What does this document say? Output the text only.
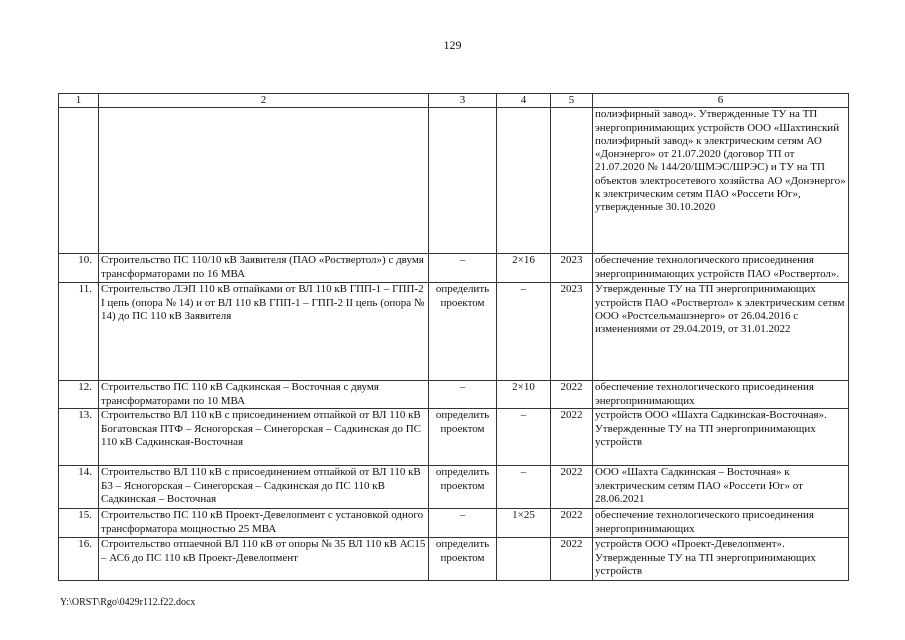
129
1	2	3	4	5	6
					полиэфирный завод». Утвержденные ТУ на ТП энергопринимающих устройств ООО «Шахтинский полиэфирный завод» к электрическим сетям АО «Донэнерго» от 21.07.2020 (договор ТП от 21.07.2020 № 144/20/ШМЭС/ШРЭС) и ТУ на ТП объектов электросетевого хозяйства АО «Донэнерго» к электрическим сетям ПАО «Россети Юг», утвержденные 30.10.2020
10.	Строительство ПС 110/10 кВ Заявителя (ПАО «Роствертол») с двумя трансформаторами по 16 МВА	–	2×16	2023	обеспечение технологического присоединения энергопринимающих устройств ПАО «Роствертол».
11.	Строительство ЛЭП 110 кВ отпайками от ВЛ 110 кВ ГПП-1 – ГПП-2 I цепь (опора № 14) и от ВЛ 110 кВ ГПП-1 – ГПП-2 II цепь (опора № 14) до ПС 110 кВ Заявителя	определить проектом	–	2023	Утвержденные ТУ на ТП энергопринимающих устройств ПАО «Роствертол» к электрическим сетям ООО «Ростсельмашэнерго» от 26.04.2016 с изменениями от 29.04.2019, от 31.01.2022
12.	Строительство ПС 110 кВ Садкинская – Восточная с двумя трансформаторами по 10 МВА	–	2×10	2022	обеспечение технологического присоединения энергопринимающих
13.	Строительство ВЛ 110 кВ с присоединением отпайкой от ВЛ 110 кВ Богатовская ПТФ – Ясногорская – Синегорская – Садкинская до ПС 110 кВ Садкинская-Восточная	определить проектом	–	2022	устройств ООО «Шахта Садкинская-Восточная». Утвержденные ТУ на ТП энергопринимающих устройств
14.	Строительство ВЛ 110 кВ с присоединением отпайкой от ВЛ 110 кВ Б3 – Ясногорская – Синегорская – Садкинская до ПС 110 кВ Садкинская – Восточная	определить проектом	–	2022	ООО «Шахта Садкинская – Восточная» к электрическим сетям ПАО «Россети Юг» от 28.06.2021
15.	Строительство ПС 110 кВ Проект-Девелопмент с установкой одного трансформатора мощностью 25 МВА	–	1×25	2022	обеспечение технологического присоединения энергопринимающих
16.	Строительство отпаечной ВЛ 110 кВ от опоры № 35 ВЛ 110 кВ АС15 – АС6 до ПС 110 кВ Проект-Девелопмент	определить проектом		2022	устройств ООО «Проект-Девелопмент». Утвержденные ТУ на ТП энергопринимающих устройств
Y:\ORST\Rgo\0429r112.f22.docx
